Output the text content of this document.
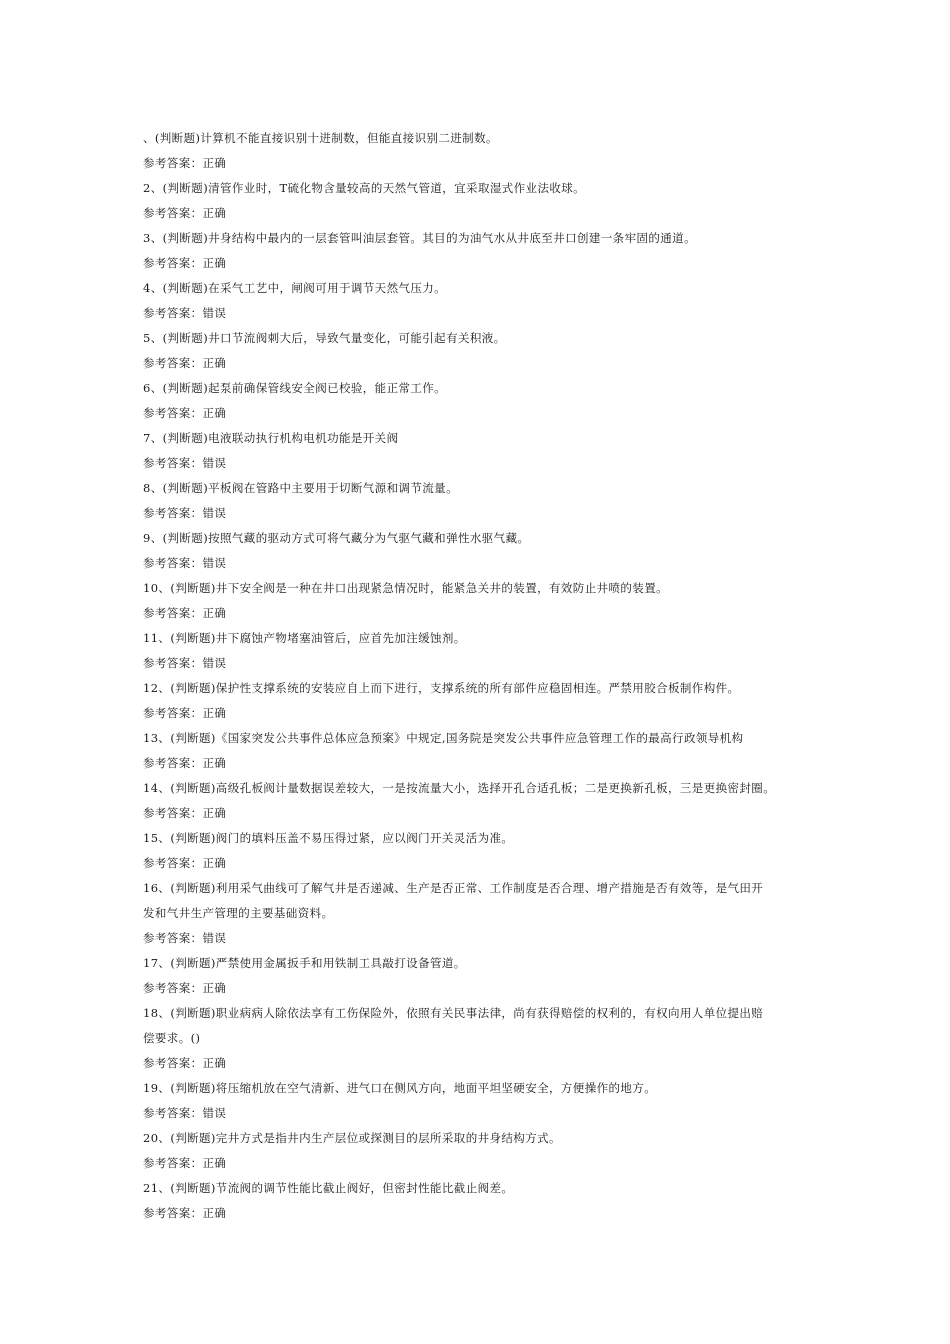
、(判断题)计算机不能直接识别十进制数，但能直接识别二进制数。
参考答案：正确
2、(判断题)清管作业时，T硫化物含量较高的天然气管道，宜采取湿式作业法收球。
参考答案：正确
3、(判断题)井身结构中最内的一层套管叫油层套管。其目的为油气水从井底至井口创建一条牢固的通道。
参考答案：正确
4、(判断题)在采气工艺中，闸阀可用于调节天然气压力。
参考答案：错误
5、(判断题)井口节流阀刺大后，导致气量变化，可能引起有关积液。
参考答案：正确
6、(判断题)起泵前确保管线安全阀已校验，能正常工作。
参考答案：正确
7、(判断题)电液联动执行机构电机功能是开关阀
参考答案：错误
8、(判断题)平板阀在管路中主要用于切断气源和调节流量。
参考答案：错误
9、(判断题)按照气藏的驱动方式可将气藏分为气驱气藏和弹性水驱气藏。
参考答案：错误
10、(判断题)井下安全阀是一种在井口出现紧急情况时，能紧急关井的装置，有效防止井喷的装置。
参考答案：正确
11、(判断题)井下腐蚀产物堵塞油管后，应首先加注缓蚀剂。
参考答案：错误
12、(判断题)保护性支撑系统的安装应自上而下进行，支撑系统的所有部件应稳固相连。严禁用胶合板制作构件。
参考答案：正确
13、(判断题)《国家突发公共事件总体应急预案》中规定,国务院是突发公共事件应急管理工作的最高行政领导机构
参考答案：正确
14、(判断题)高级孔板阀计量数据误差较大，一是按流量大小，选择开孔合适孔板；二是更换新孔板，三是更换密封圈。
参考答案：正确
15、(判断题)阀门的填料压盖不易压得过紧，应以阀门开关灵活为准。
参考答案：正确
16、(判断题)利用采气曲线可了解气井是否递减、生产是否正常、工作制度是否合理、增产措施是否有效等，是气田开
发和气井生产管理的主要基础资料。
参考答案：错误
17、(判断题)严禁使用金属扳手和用铁制工具敲打设备管道。
参考答案：正确
18、(判断题)职业病病人除依法享有工伤保险外，依照有关民事法律，尚有获得赔偿的权利的，有权向用人单位提出赔
偿要求。()
参考答案：正确
19、(判断题)将压缩机放在空气清新、进气口在侧风方向，地面平坦坚硬安全，方便操作的地方。
参考答案：错误
20、(判断题)完井方式是指井内生产层位或探测目的层所采取的井身结构方式。
参考答案：正确
21、(判断题)节流阀的调节性能比截止阀好，但密封性能比截止阀差。
参考答案：正确
